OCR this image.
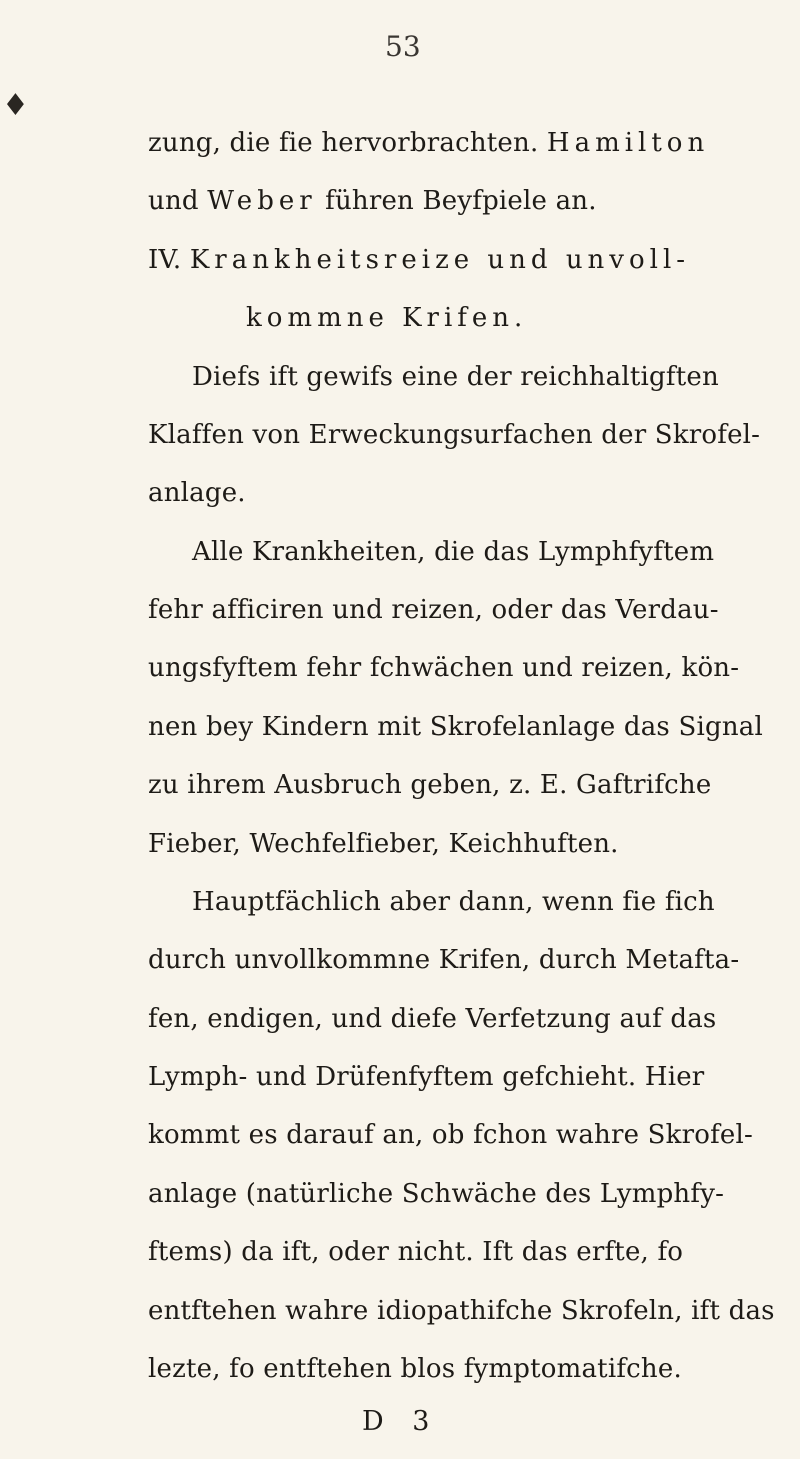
♦
53
zung, die fie hervorbrachten. Hamilton
und Weber führen Beyfpiele an.
IV. Krankheitsreize und unvoll-
kommne Krifen.
Diefs ift gewifs eine der reichhaltigften
Klaffen von Erweckungsurfachen der Skrofel-
anlage.
Alle Krankheiten, die das Lymphfyftem
fehr afficiren und reizen, oder das Verdau-
ungsfyftem fehr fchwächen und reizen, kön-
nen bey Kindern mit Skrofelanlage das Signal
zu ihrem Ausbruch geben, z. E. Gaftrifche
Fieber, Wechfelfieber, Keichhuften.
Hauptfächlich aber dann, wenn fie fich
durch unvollkommne Krifen, durch Metafta-
fen, endigen, und diefe Verfetzung auf das
Lymph- und Drüfenfyftem gefchieht. Hier
kommt es darauf an, ob fchon wahre Skrofel-
anlage (natürliche Schwäche des Lymphfy-
D 3
ftems) da ift, oder nicht. Ift das erfte, fo
entftehen wahre idiopathifche Skrofeln, ift das
lezte, fo entftehen blos fymptomatifche.
